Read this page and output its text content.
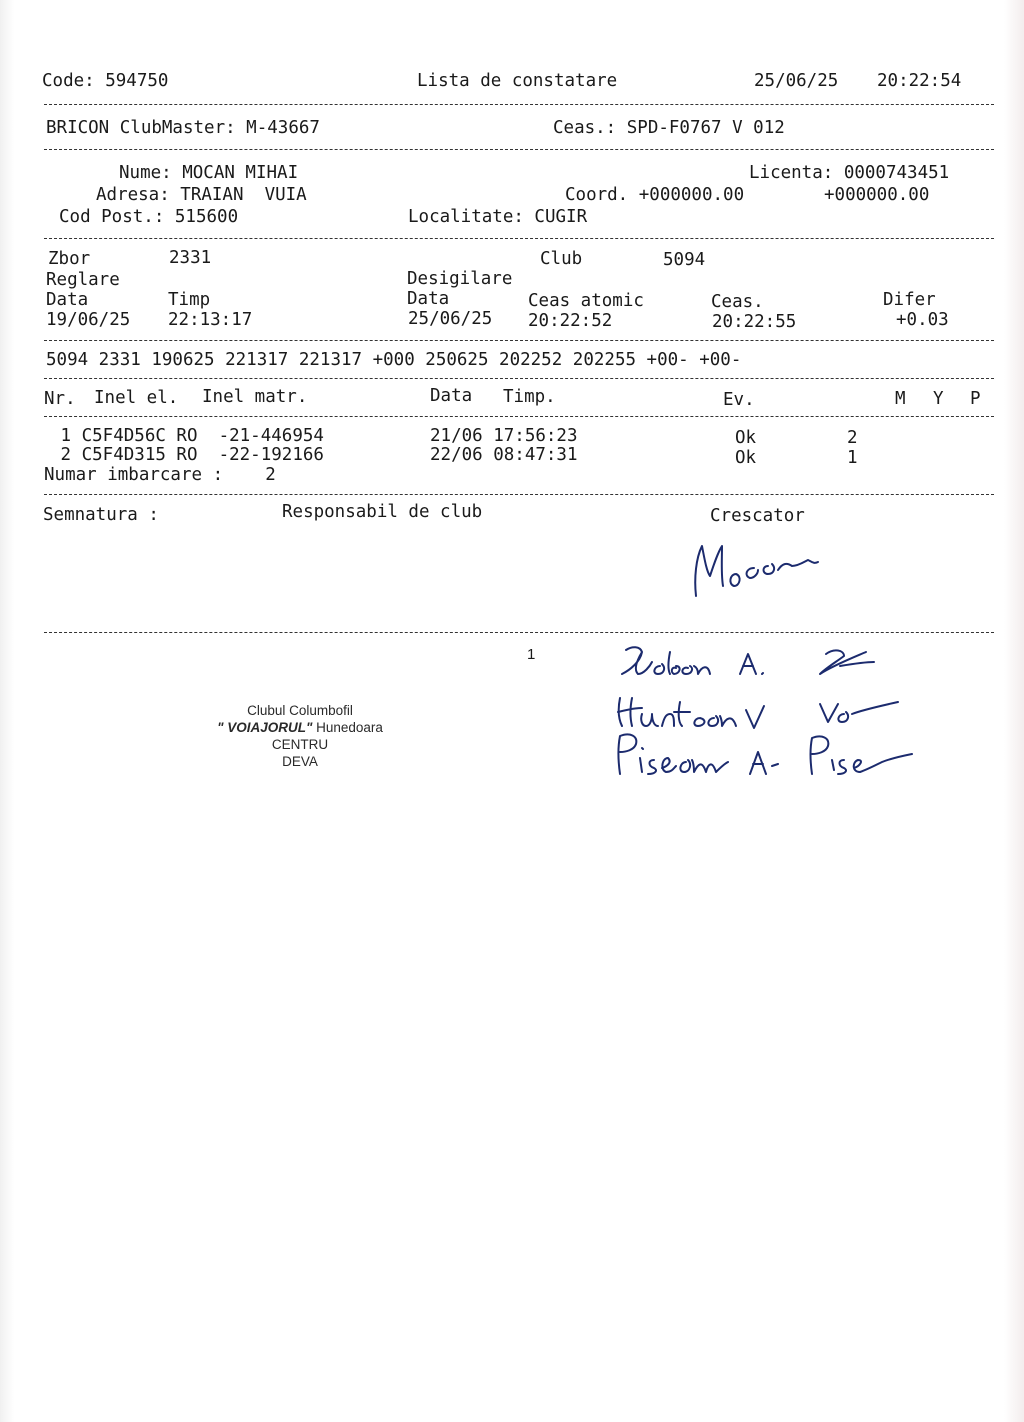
Code: 594750	Lista de constatare	25/06/25 20:22:54
BRICON ClubMaster: M-43667	Ceas.: SPD-F0767 V 012
Nume: MOCAN MIHAI	Licenta: 0000743451
Adresa: TRAIAN  VUIA	Coord. +000000.00	+000000.00
Cod Post.: 515600	Localitate: CUGIR
Zbor	2331	Club	5094
Reglare	Desigilare
Data	Timp	Data	Ceas atomic	Ceas.	Difer
19/06/25 22:13:17	25/06/25 20:22:52	20:22:55	+0.03
5094 2331 190625 221317 221317 +000 250625 202252 202255 +00- +00-
Nr. Inel el. Inel matr.	Data Timp.	Ev.	M Y P
1 C5F4D56C RO  -21-446954	21/06 17:56:23	Ok	2
2 C5F4D315 RO  -22-192166	22/06 08:47:31	Ok	1
Numar imbarcare :    2
Semnatura :	Responsabil de club	Crescator
1
Clubul Columbofil
" VOIAJORUL" Hunedoara
CENTRU
DEVA
